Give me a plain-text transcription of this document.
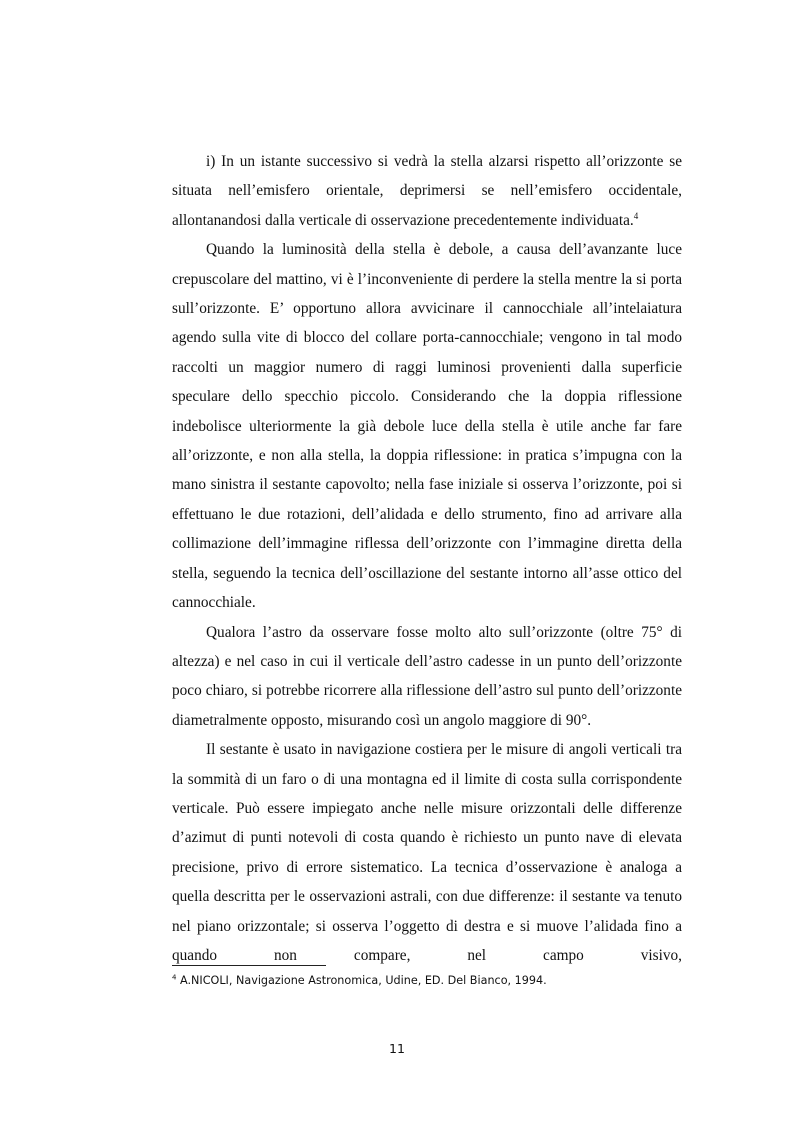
i) In un istante successivo si vedrà la stella alzarsi rispetto all’orizzonte se situata nell’emisfero orientale, deprimersi se nell’emisfero occidentale, allontanandosi dalla verticale di osservazione precedentemente individuata.$^4$

Quando la luminosità della stella è debole, a causa dell’avanzante luce crepuscolare del mattino, vi è l’inconveniente di perdere la stella mentre la si porta sull’orizzonte. E’ opportuno allora avvicinare il cannocchiale all’intelaiatura agendo sulla vite di blocco del collare porta-cannocchiale; vengono in tal modo raccolti un maggior numero di raggi luminosi provenienti dalla superficie speculare dello specchio piccolo. Considerando che la doppia riflessione indebolisce ulteriormente la già debole luce della stella è utile anche far fare all’orizzonte, e non alla stella, la doppia riflessione: in pratica s’impugna con la mano sinistra il sestante capovolto; nella fase iniziale si osserva l’orizzonte, poi si effettuano le due rotazioni, dell’alidada e dello strumento, fino ad arrivare alla collimazione dell’immagine riflessa dell’orizzonte con l’immagine diretta della stella, seguendo la tecnica dell’oscillazione del sestante intorno all’asse ottico del cannocchiale.

Qualora l’astro da osservare fosse molto alto sull’orizzonte (oltre 75° di altezza) e nel caso in cui il verticale dell’astro cadesse in un punto dell’orizzonte poco chiaro, si potrebbe ricorrere alla riflessione dell’astro sul punto dell’orizzonte diametralmente opposto, misurando così un angolo maggiore di 90°.

Il sestante è usato in navigazione costiera per le misure di angoli verticali tra la sommità di un faro o di una montagna ed il limite di costa sulla corrispondente verticale. Può essere impiegato anche nelle misure orizzontali delle differenze d’azimut di punti notevoli di costa quando è richiesto un punto nave di elevata precisione, privo di errore sistematico. La tecnica d’osservazione è analoga a quella descritta per le osservazioni astrali, con due differenze: il sestante va tenuto nel piano orizzontale; si osserva l’oggetto di destra e si muove l’alidada fino a quando non compare, nel campo visivo,

$^4$ A.NICOLI, Navigazione Astronomica, Udine, ED. Del Bianco, 1994.
11
